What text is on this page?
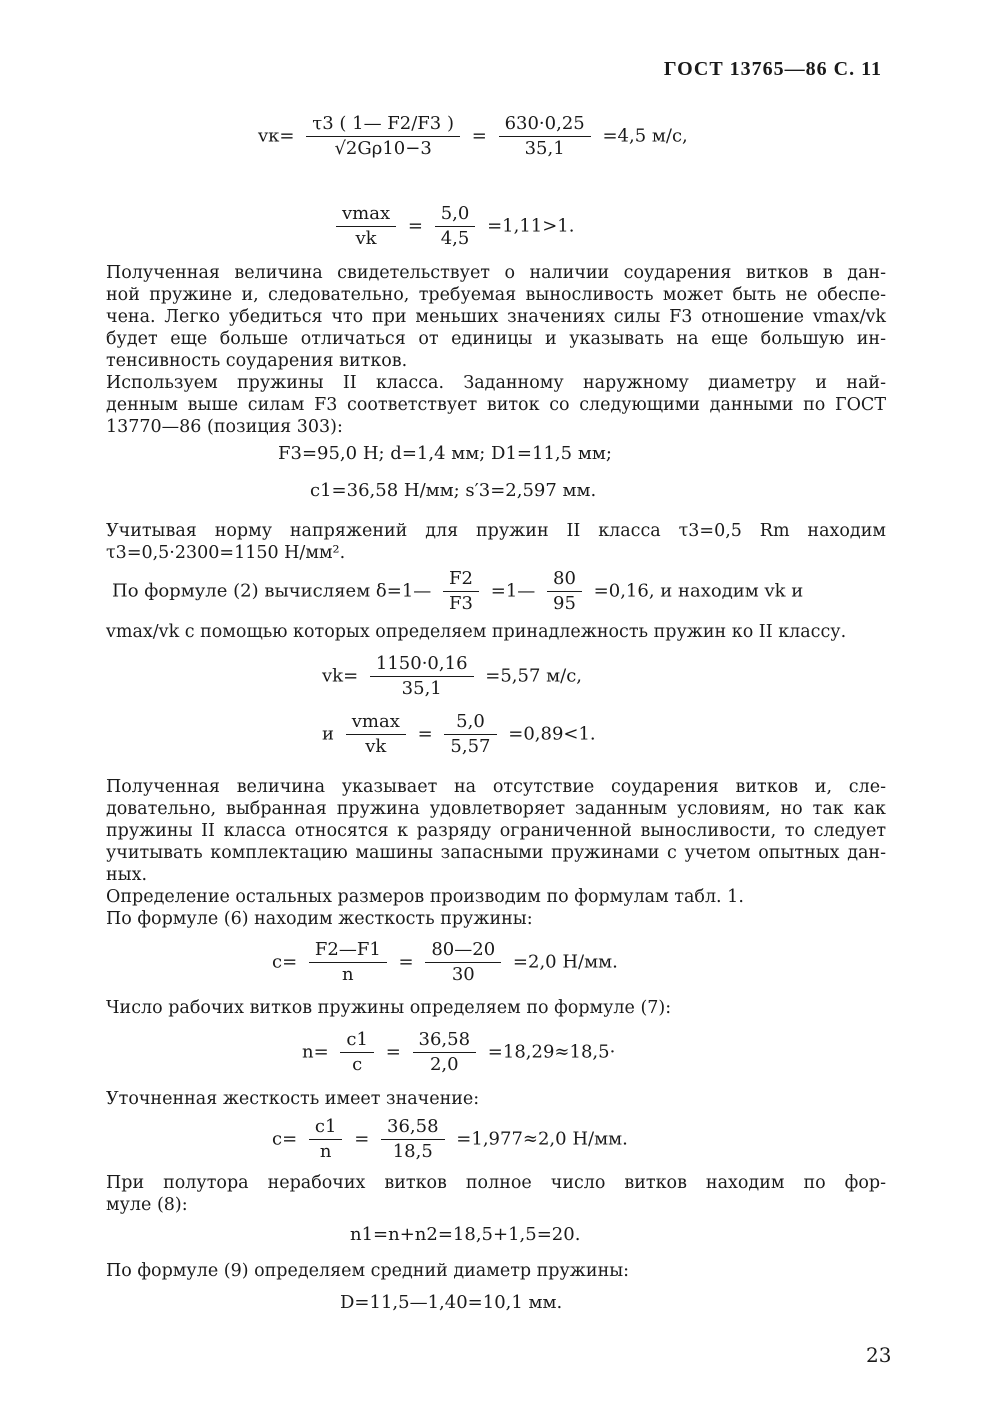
ГОСТ 13765—86 С. 11
$vк= \frac{\tau 3 ( 1— F2/F3 )}{√2G\rho 10-3} = \frac{630\cdot 0,25}{35,1} =4,5$ м/с,
$\frac{vmax}{vk} = \frac{5,0}{4,5} =1,11>1$.
Полученная величина свидетельствует о наличии соударения витков в дан-
ной пружине и, следовательно, требуемая выносливость может быть не обеспе-
чена. Легко убедиться что при меньших значениях силы F3 отношение vmax/vk
будет еще больше отличаться от единицы и указывать на еще большую ин-
тенсивность соударения витков.
Используем пружины II класса. Заданному наружному диаметру и най-
денным выше силам F3 соответствует виток со следующими данными по ГОСТ
13770—86 (позиция 303):
F3=95,0 Н; d=1,4 мм; D1=11,5 мм;
c1=36,58 Н/мм; s′3=2,597 мм.
Учитывая норму напряжений для пружин II класса τ3=0,5 Rm находим
τ3=0,5·2300=1150 Н/мм².
По формуле (2) вычисляем δ=1— $\frac{F2}{F3}$ =1— $\frac{80}{95} =0,16$, и находим vk и
vmax/vk с помощью которых определяем принадлежность пружин ко II классу.
$vk= \frac{1150\cdot 0,16}{35,1} =5,57$ м/с,
и $\frac{vmax}{vk} = \frac{5,0}{5,57} =0,89<1$.
Полученная величина указывает на отсутствие соударения витков и, сле-
довательно, выбранная пружина удовлетворяет заданным условиям, но так как
пружины II класса относятся к разряду ограниченной выносливости, то следует
учитывать комплектацию машины запасными пружинами с учетом опытных дан-
ных.
Определение остальных размеров производим по формулам табл. 1.
По формуле (6) находим жесткость пружины:
$c= \frac{F2—F1}{n} = \frac{80—20}{30} =2,0$ Н/мм.
Число рабочих витков пружины определяем по формуле (7):
$n= \frac{c1}{c} = \frac{36,58}{2,0} =18,29\approx 18,5\cdot$
Уточненная жесткость имеет значение:
$c= \frac{c1}{n} = \frac{36,58}{18,5} =1,977\approx 2,0$ Н/мм.
При полутора нерабочих витков полное число витков находим по фор-
муле (8):
n1=n+n2=18,5+1,5=20.
По формуле (9) определяем средний диаметр пружины:
D=11,5—1,40=10,1 мм.
23
